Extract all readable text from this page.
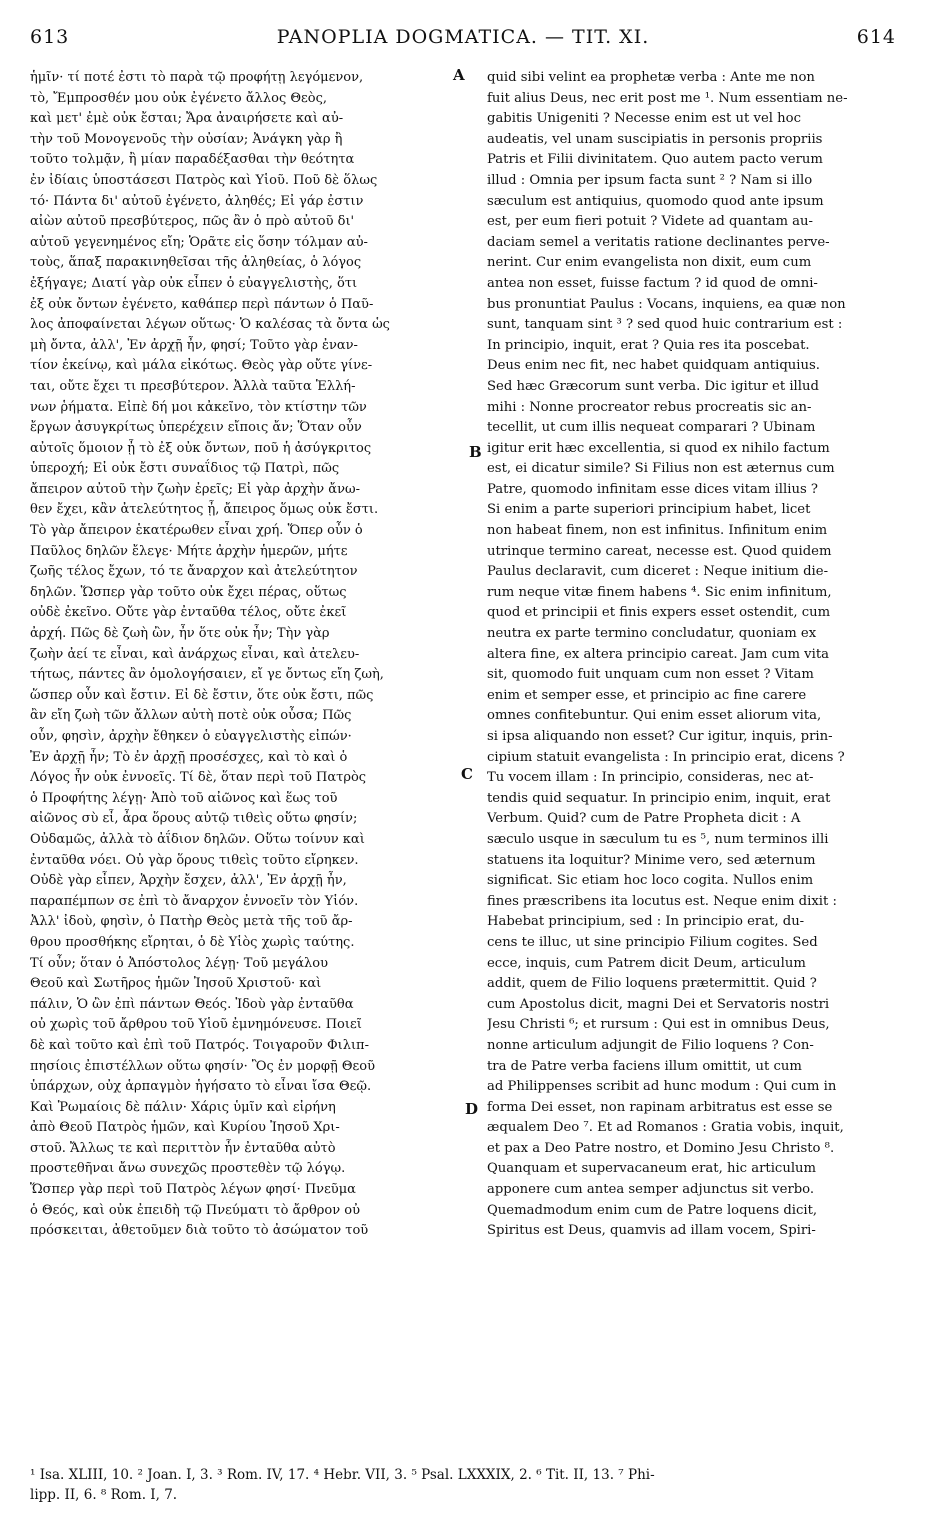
613	PANOPLIA DOGMATICA. — TIT. XI.	614
ἡμῖν· τί ποτέ ἐστι τὸ παρὰ τῷ προφήτῃ λεγόμενον,
τὸ, Ἔμπροσθέν μου οὐκ ἐγένετο ἄλλος Θεὸς,
καὶ μετ' ἐμὲ οὐκ ἔσται; Ἄρα ἀναιρήσετε καὶ αὐ-
τὴν τοῦ Μονογενοῦς τὴν οὐσίαν; Ἀνάγκη γὰρ ἢ
τοῦτο τολμᾷν, ἢ μίαν παραδέξασθαι τὴν θεότητα
ἐν ἰδίαις ὑποστάσεσι Πατρὸς καὶ Υἱοῦ. Ποῦ δὲ ὅλως
τό· Πάντα δι' αὐτοῦ ἐγένετο, ἀληθές; Εἰ γάρ ἐστιν
αἰὼν αὐτοῦ πρεσβύτερος, πῶς ἂν ὁ πρὸ αὐτοῦ δι'
αὐτοῦ γεγενημένος εἴη; Ὁρᾶτε εἰς ὅσην τόλμαν αὐ-
τοὺς, ἅπαξ παρακινηθεῖσαι τῆς ἀληθείας, ὁ λόγος
ἐξήγαγε; Διατί γὰρ οὐκ εἶπεν ὁ εὐαγγελιστὴς, ὅτι
ἐξ οὐκ ὄντων ἐγένετο, καθάπερ περὶ πάντων ὁ Παῦ-
λος ἀποφαίνεται λέγων οὕτως· Ὁ καλέσας τὰ ὄντα ὡς
μὴ ὄντα, ἀλλ', Ἐν ἀρχῇ ἦν, φησί; Τοῦτο γὰρ ἐναν-
τίον ἐκείνῳ, καὶ μάλα εἰκότως. Θεὸς γὰρ οὔτε γίνε-
ται, οὔτε ἔχει τι πρεσβύτερον. Ἀλλὰ ταῦτα Ἑλλή-
νων ῥήματα. Εἰπὲ δή μοι κἀκεῖνο, τὸν κτίστην τῶν
ἔργων ἀσυγκρίτως ὑπερέχειν εἴποις ἄν; Ὅταν οὖν
αὐτοῖς ὅμοιον ᾖ τὸ ἐξ οὐκ ὄντων, ποῦ ἡ ἀσύγκριτος
ὑπεροχή; Εἰ οὐκ ἔστι συναΐδιος τῷ Πατρὶ, πῶς
ἄπειρον αὐτοῦ τὴν ζωὴν ἐρεῖς; Εἰ γὰρ ἀρχὴν ἄνω-
θεν ἔχει, κἂν ἀτελεύτητος ᾖ, ἄπειρος ὅμως οὐκ ἔστι.
Τὸ γὰρ ἄπειρον ἑκατέρωθεν εἶναι χρή. Ὅπερ οὖν ὁ
Παῦλος δηλῶν ἔλεγε· Μήτε ἀρχὴν ἡμερῶν, μήτε
ζωῆς τέλος ἔχων, τό τε ἄναρχον καὶ ἀτελεύτητον
δηλῶν. Ὥσπερ γὰρ τοῦτο οὐκ ἔχει πέρας, οὕτως
οὐδὲ ἐκεῖνο. Οὔτε γὰρ ἐνταῦθα τέλος, οὔτε ἐκεῖ
ἀρχή. Πῶς δὲ ζωὴ ὢν, ἦν ὅτε οὐκ ἦν; Τὴν γὰρ
ζωὴν ἀεί τε εἶναι, καὶ ἀνάρχως εἶναι, καὶ ἀτελευ-
τήτως, πάντες ἂν ὁμολογήσαιεν, εἴ γε ὄντως εἴη ζωὴ,
ὥσπερ οὖν καὶ ἔστιν. Εἰ δὲ ἔστιν, ὅτε οὐκ ἔστι, πῶς
ἂν εἴη ζωὴ τῶν ἄλλων αὐτὴ ποτὲ οὐκ οὖσα; Πῶς
οὖν, φησὶν, ἀρχὴν ἔθηκεν ὁ εὐαγγελιστὴς εἰπών·
Ἐν ἀρχῇ ἦν; Τὸ ἐν ἀρχῇ προσέσχες, καὶ τὸ καὶ ὁ
Λόγος ἦν οὐκ ἐννοεῖς. Τί δὲ, ὅταν περὶ τοῦ Πατρὸς
ὁ Προφήτης λέγῃ· Ἀπὸ τοῦ αἰῶνος καὶ ἕως τοῦ
αἰῶνος σὺ εἶ, ἆρα ὅρους αὐτῷ τιθεὶς οὕτω φησίν;
Οὐδαμῶς, ἀλλὰ τὸ ἀΐδιον δηλῶν. Οὕτω τοίνυν καὶ
ἐνταῦθα νόει. Οὐ γὰρ ὅρους τιθεὶς τοῦτο εἴρηκεν.
Οὐδὲ γὰρ εἶπεν, Ἀρχὴν ἔσχεν, ἀλλ', Ἐν ἀρχῇ ἦν,
παραπέμπων σε ἐπὶ τὸ ἄναρχον ἐννοεῖν τὸν Υἱόν.
Ἀλλ' ἰδοὺ, φησὶν, ὁ Πατὴρ Θεὸς μετὰ τῆς τοῦ ἄρ-
θρου προσθήκης εἴρηται, ὁ δὲ Υἱὸς χωρὶς ταύτης.
Τί οὖν; ὅταν ὁ Ἀπόστολος λέγῃ· Τοῦ μεγάλου
Θεοῦ καὶ Σωτῆρος ἡμῶν Ἰησοῦ Χριστοῦ· καὶ
πάλιν, Ὁ ὢν ἐπὶ πάντων Θεός. Ἰδοὺ γὰρ ἐνταῦθα
οὐ χωρὶς τοῦ ἄρθρου τοῦ Υἱοῦ ἐμνημόνευσε. Ποιεῖ
δὲ καὶ τοῦτο καὶ ἐπὶ τοῦ Πατρός. Τοιγαροῦν Φιλιπ-
πησίοις ἐπιστέλλων οὕτω φησίν· Ὃς ἐν μορφῇ Θεοῦ
ὑπάρχων, οὐχ ἁρπαγμὸν ἡγήσατο τὸ εἶναι ἴσα Θεῷ.
Καὶ Ῥωμαίοις δὲ πάλιν· Χάρις ὑμῖν καὶ εἰρήνη
ἀπὸ Θεοῦ Πατρὸς ἡμῶν, καὶ Κυρίου Ἰησοῦ Χρι-
στοῦ. Ἄλλως τε καὶ περιττὸν ἦν ἐνταῦθα αὐτὸ
προστεθῆναι ἄνω συνεχῶς προστεθὲν τῷ λόγῳ.
Ὥσπερ γὰρ περὶ τοῦ Πατρὸς λέγων φησί· Πνεῦμα
ὁ Θεός, καὶ οὐκ ἐπειδὴ τῷ Πνεύματι τὸ ἄρθρον οὐ
πρόσκειται, ἀθετοῦμεν διὰ τοῦτο τὸ ἀσώματον τοῦ
quid sibi velint ea prophetæ verba : Ante me non
fuit alius Deus, nec erit post me ¹. Num essentiam ne-
gabitis Unigeniti ? Necesse enim est ut vel hoc
audeatis, vel unam suscipiatis in personis propriis
Patris et Filii divinitatem. Quo autem pacto verum
illud : Omnia per ipsum facta sunt ² ? Nam si illo
sæculum est antiquius, quomodo quod ante ipsum
est, per eum fieri potuit ? Videte ad quantam au-
daciam semel a veritatis ratione declinantes perve-
nerint. Cur enim evangelista non dixit, eum cum
antea non esset, fuisse factum ? id quod de omni-
bus pronuntiat Paulus : Vocans, inquiens, ea quæ non
sunt, tanquam sint ³ ? sed quod huic contrarium est :
In principio, inquit, erat ? Quia res ita poscebat.
Deus enim nec fit, nec habet quidquam antiquius.
Sed hæc Græcorum sunt verba. Dic igitur et illud
mihi : Nonne procreator rebus procreatis sic an-
tecellit, ut cum illis nequeat comparari ? Ubinam
igitur erit hæc excellentia, si quod ex nihilo factum
est, ei dicatur simile? Si Filius non est æternus cum
Patre, quomodo infinitam esse dices vitam illius ?
Si enim a parte superiori principium habet, licet
non habeat finem, non est infinitus. Infinitum enim
utrinque termino careat, necesse est. Quod quidem
Paulus declaravit, cum diceret : Neque initium die-
rum neque vitæ finem habens ⁴. Sic enim infinitum,
quod et principii et finis expers esset ostendit, cum
neutra ex parte termino concludatur, quoniam ex
altera fine, ex altera principio careat. Jam cum vita
sit, quomodo fuit unquam cum non esset ? Vitam
enim et semper esse, et principio ac fine carere
omnes confitebuntur. Qui enim esset aliorum vita,
si ipsa aliquando non esset? Cur igitur, inquis, prin-
cipium statuit evangelista : In principio erat, dicens ?
Tu vocem illam : In principio, consideras, nec at-
tendis quid sequatur. In principio enim, inquit, erat
Verbum. Quid? cum de Patre Propheta dicit : A
sæculo usque in sæculum tu es ⁵, num terminos illi
statuens ita loquitur? Minime vero, sed æternum
significat. Sic etiam hoc loco cogita. Nullos enim
fines præscribens ita locutus est. Neque enim dixit :
Habebat principium, sed : In principio erat, du-
cens te illuc, ut sine principio Filium cogites. Sed
ecce, inquis, cum Patrem dicit Deum, articulum
addit, quem de Filio loquens prætermittit. Quid ?
cum Apostolus dicit, magni Dei et Servatoris nostri
Jesu Christi ⁶; et rursum : Qui est in omnibus Deus,
nonne articulum adjungit de Filio loquens ? Con-
tra de Patre verba faciens illum omittit, ut cum
ad Philippenses scribit ad hunc modum : Qui cum in
forma Dei esset, non rapinam arbitratus est esse se
æqualem Deo ⁷. Et ad Romanos : Gratia vobis, inquit,
et pax a Deo Patre nostro, et Domino Jesu Christo ⁸.
Quanquam et supervacaneum erat, hic articulum
apponere cum antea semper adjunctus sit verbo.
Quemadmodum enim cum de Patre loquens dicit,
Spiritus est Deus, quamvis ad illam vocem, Spiri-
A
B
C
D
¹ Isa. XLIII, 10. ² Joan. I, 3. ³ Rom. IV, 17. ⁴ Hebr. VII, 3. ⁵ Psal. LXXXIX, 2. ⁶ Tit. II, 13. ⁷ Phi-
lipp. II, 6. ⁸ Rom. I, 7.
